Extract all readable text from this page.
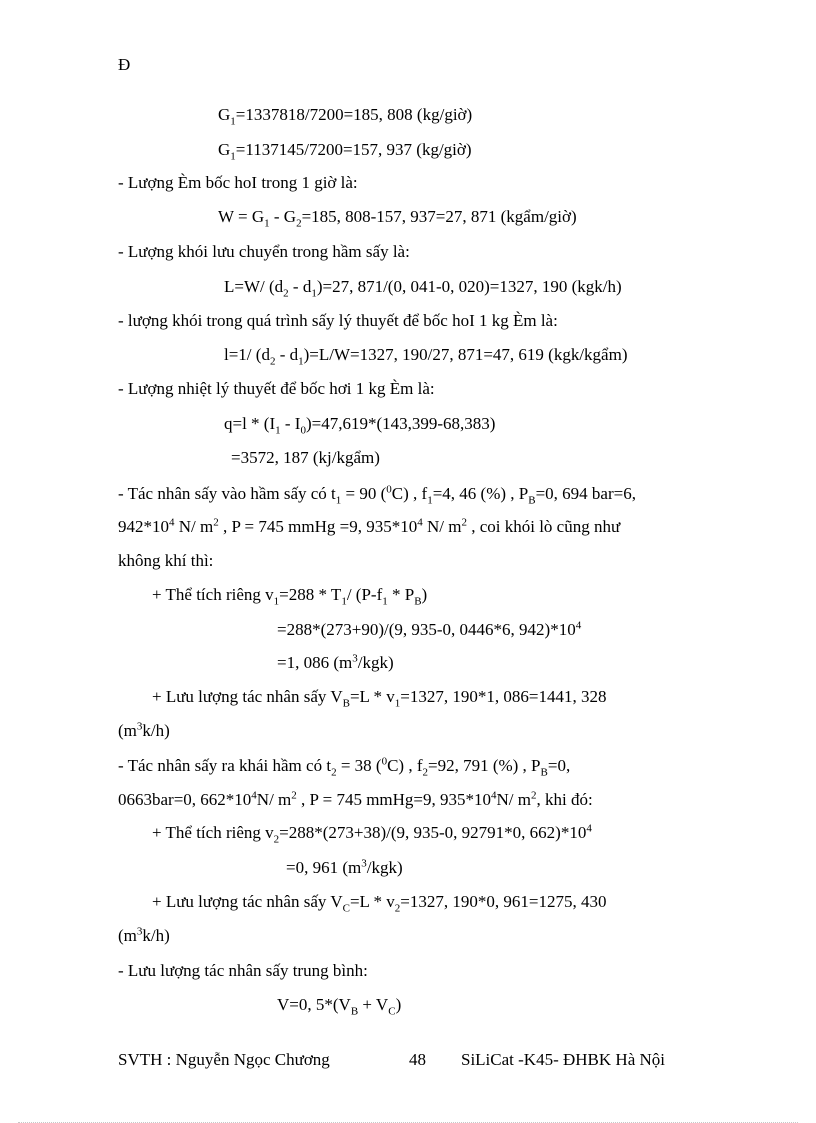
Đ
$G_1=1337818/7200=185$, 808 (kg/giờ)
$G_1=1137145/7200=157$, 937 (kg/giờ)
- Lượng Èm bốc hoI trong 1 giờ là:
$W = G_1 - G_2=185$, 808-157, 937=27, 871 (kgẩm/giờ)
- Lượng khói lưu chuyển trong hầm sấy là:
L=W/ $(d_2 - d_1)=27$, 871/(0, 041-0, 020)=1327, 190 (kgk/h)
- lượng khói trong quá trình sấy lý thuyết để bốc hoI 1 kg Èm là:
l=1/ $(d_2 - d_1)=L/W=1327$, 190/27, 871=47, 619 (kgk/kgẩm)
- Lượng nhiệt lý thuyết để bốc hơi 1 kg Èm là:
$q=l * (I_1 - I_0)=47,619*(143,399-68,383)$
=3572, 187 (kj/kgẩm)
- Tác nhân sấy vào hầm sấy có $t_1 = 90$ ($^0$C) , $f_1=4$, 46 (%) , $P_B=0$, 694 bar=6,
$942*10^4$ N/ $m^2$ , P = 745 mmHg =9, $935*10^4$ N/ $m^2$ , coi khói lò cũng như
không khí thì:
+ Thể tích riêng $v_1=288 * T_1/$ $(P-f_1 * P_B)$
=288*(273+90)/(9, 935-0, 0446*6, $942)*10^4$
=1, 086 $(m^3/kgk)$
+ Lưu lượng tác nhân sấy $V_B=L * v_1=1327$, 190*1, 086=1441, 328
$(m^3k/h)$
- Tác nhân sấy ra khái hầm có $t_2 = 38$ ($^0$C) , $f_2=92$, 791 (%) , $P_B=0$,
0663bar=0, $662*10^4N/$ $m^2$ , P = 745 mmHg=9, $935*10^4N/$ $m^2$, khi đó:
+ Thể tích riêng $v_2=288*(273+38)/(9$, 935-0, 92791*0, $662)*10^4$
=0, 961 $(m^3/kgk)$
+ Lưu lượng tác nhân sấy $V_C=L * v_2=1327$, 190*0, 961=1275, 430
$(m^3k/h)$
- Lưu lượng tác nhân sấy trung bình:
V=0, $5*(V_B + V_C)$
SVTH : Nguyễn Ngọc Chương	48 SiLiCat -K45- ĐHBK Hà Nội
